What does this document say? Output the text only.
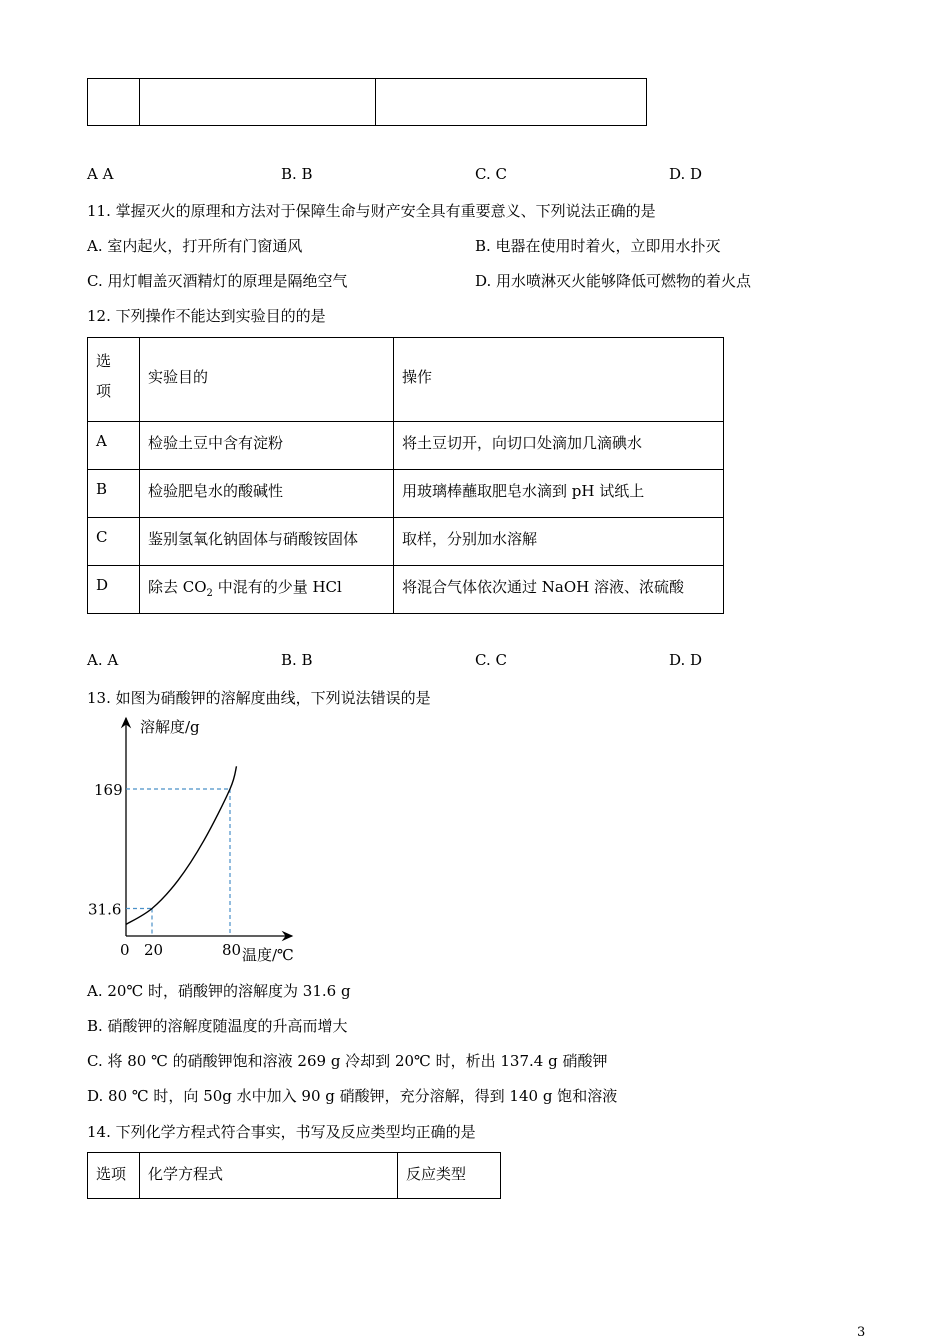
A A	B. B	C. C	D. D
11. 掌握灭火的原理和方法对于保障生命与财产安全具有重要意义、下列说法正确的是
A. 室内起火，打开所有门窗通风	B. 电器在使用时着火，立即用水扑灭
C. 用灯帽盖灭酒精灯的原理是隔绝空气	D. 用水喷淋灭火能够降低可燃物的着火点
12. 下列操作不能达到实验目的的是
选项	实验目的	操作
A	检验土豆中含有淀粉	将土豆切开，向切口处滴加几滴碘水
B	检验肥皂水的酸碱性	用玻璃棒蘸取肥皂水滴到 pH 试纸上
C	鉴别氢氧化钠固体与硝酸铵固体	取样，分别加水溶解
D	除去 $CO_2$ 中混有的少量 HCl	将混合气体依次通过 NaOH 溶液、浓硫酸
A. A	B. B	C. C	D. D
13. 如图为硝酸钾的溶解度曲线，下列说法错误的是
溶解度/g
温度/℃
31.6
169
0 20	80
A. 20℃ 时，硝酸钾的溶解度为 31.6 g
B. 硝酸钾的溶解度随温度的升高而增大
C. 将 80 ℃ 的硝酸钾饱和溶液 269 g 冷却到 20℃ 时，析出 137.4 g 硝酸钾
D. 80 ℃ 时，向 50g 水中加入 90 g 硝酸钾，充分溶解，得到 140 g 饱和溶液
14. 下列化学方程式符合事实，书写及反应类型均正确的是
选项	化学方程式	反应类型
3
